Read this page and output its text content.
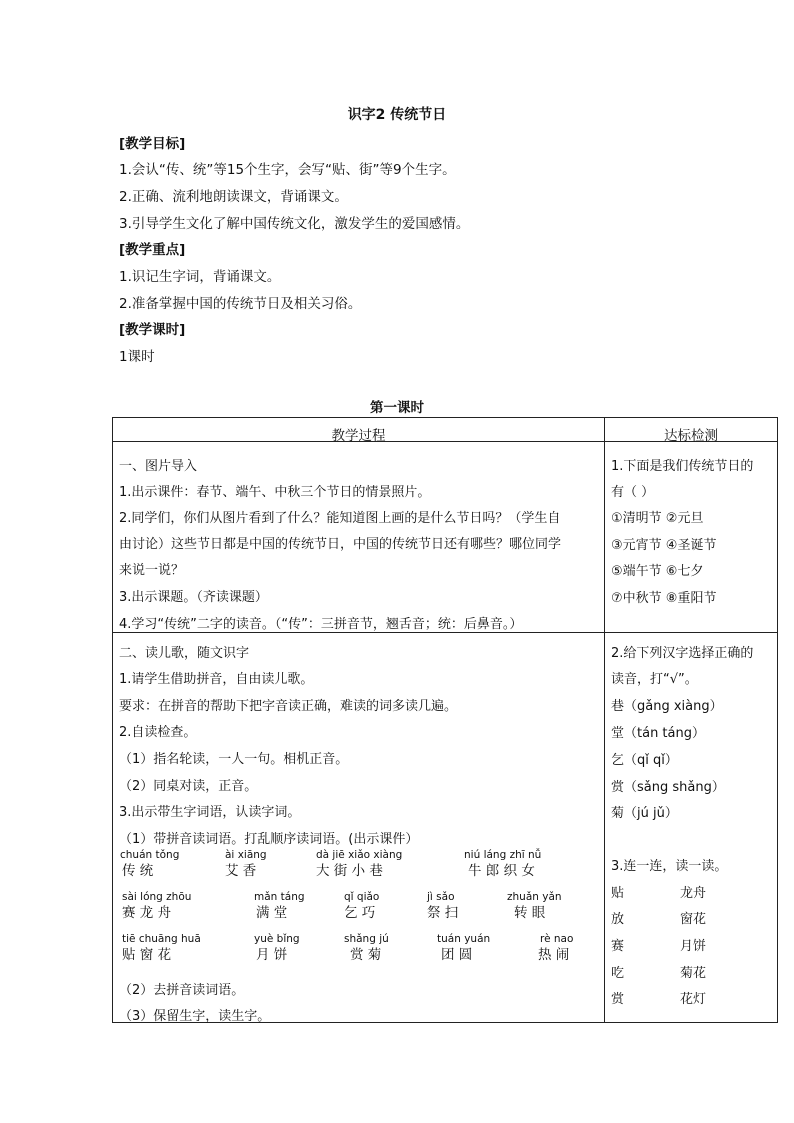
识字2 传统节日
[教学目标]
1.会认“传、统”等15个生字，会写“贴、街”等9个生字。
2.正确、流利地朗读课文，背诵课文。
3.引导学生文化了解中国传统文化，激发学生的爱国感情。
[教学重点]
1.识记生字词，背诵课文。
2.准备掌握中国的传统节日及相关习俗。
[教学课时]
1课时
第一课时
教学过程	达标检测
一、图片导入
1.出示课件：春节、端午、中秋三个节日的情景照片。
2.同学们，你们从图片看到了什么？能知道图上画的是什么节日吗？（学生自
由讨论）这些节日都是中国的传统节日，中国的传统节日还有哪些？哪位同学
来说一说？
3.出示课题。（齐读课题）
4.学习“传统”二字的读音。（“传”：三拼音节，翘舌音；统：后鼻音。）
1.下面是我们传统节日的
有（ ）
①清明节 ②元旦
③元宵节 ④圣诞节
⑤端午节 ⑥七夕
⑦中秋节 ⑧重阳节
二、读儿歌，随文识字
1.请学生借助拼音，自由读儿歌。
要求：在拼音的帮助下把字音读正确，难读的词多读几遍。
2.自读检查。
（1）指名轮读，一人一句。相机正音。
（2）同桌对读，正音。
3.出示带生字词语，认读字词。
（1）带拼音读词语。打乱顺序读词语。(出示课件）
chuán tǒng
传 统
ài xiāng
艾 香
dà jiē xiǎo xiàng
大 街 小 巷
niú láng zhī nǚ
牛 郎 织 女
sài lóng zhōu
赛 龙 舟
mǎn táng
满 堂
qǐ qiǎo
乞 巧
jì sǎo
祭 扫
zhuǎn yǎn
转 眼
tiē chuāng huā
贴 窗 花
yuè bǐng
月 饼
shǎng jú
赏 菊
tuán yuán
团 圆
rè nao
热 闹
（2）去拼音读词语。
（3）保留生字，读生字。
2.给下列汉字选择正确的
读音，打“√”。
巷（gǎng xiàng）
堂（tán táng）
乞（qǐ qǐ）
赏（sǎng shǎng）
菊（jú jǔ）
3.连一连，读一读。
贴
放
赛
吃
赏
龙舟
窗花
月饼
菊花
花灯
